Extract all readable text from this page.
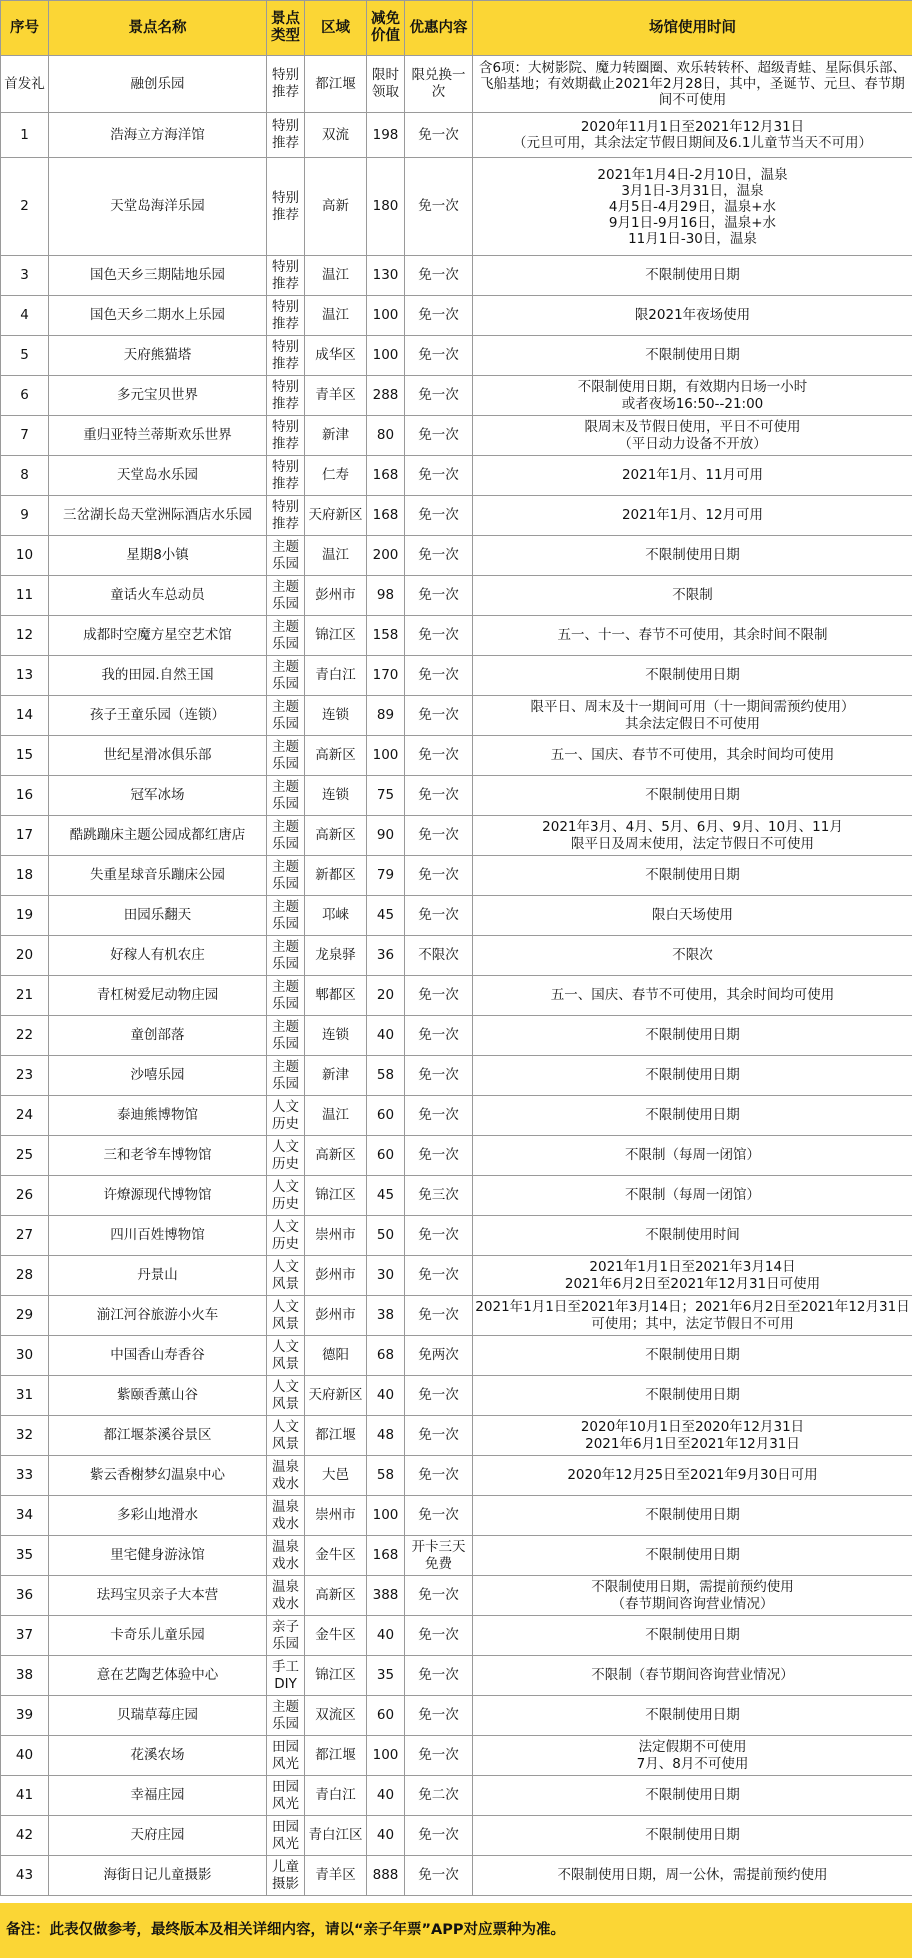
序号	景点名称	景点类型	区域	减免价值	优惠内容	场馆使用时间
首发礼	融创乐园	特别推荐	都江堰	限时领取	限兑换一次	含6项：大树影院、魔力转圈圈、欢乐转转杯、超级青蛙、星际俱乐部、飞船基地；有效期截止2021年2月28日，其中，圣诞节、元旦、春节期间不可使用
1	浩海立方海洋馆	特别推荐	双流	198	免一次	2020年11月1日至2021年12月31日
（元旦可用，其余法定节假日期间及6.1儿童节当天不可用）
2	天堂岛海洋乐园	特别推荐	高新	180	免一次	2021年1月4日-2月10日，温泉
3月1日-3月31日，温泉
4月5日-4月29日，温泉+水
9月1日-9月16日，温泉+水
11月1日-30日，温泉
3	国色天乡三期陆地乐园	特别推荐	温江	130	免一次	不限制使用日期
4	国色天乡二期水上乐园	特别推荐	温江	100	免一次	限2021年夜场使用
5	天府熊猫塔	特别推荐	成华区	100	免一次	不限制使用日期
6	多元宝贝世界	特别推荐	青羊区	288	免一次	不限制使用日期，有效期内日场一小时
或者夜场16:50--21:00
7	重归亚特兰蒂斯欢乐世界	特别推荐	新津	80	免一次	限周末及节假日使用，平日不可使用
（平日动力设备不开放）
8	天堂岛水乐园	特别推荐	仁寿	168	免一次	2021年1月、11月可用
9	三岔湖长岛天堂洲际酒店水乐园	特别推荐	天府新区	168	免一次	2021年1月、12月可用
10	星期8小镇	主题乐园	温江	200	免一次	不限制使用日期
11	童话火车总动员	主题乐园	彭州市	98	免一次	不限制
12	成都时空魔方星空艺术馆	主题乐园	锦江区	158	免一次	五一、十一、春节不可使用，其余时间不限制
13	我的田园.自然王国	主题乐园	青白江	170	免一次	不限制使用日期
14	孩子王童乐园（连锁）	主题乐园	连锁	89	免一次	限平日、周末及十一期间可用（十一期间需预约使用）
其余法定假日不可使用
15	世纪星滑冰俱乐部	主题乐园	高新区	100	免一次	五一、国庆、春节不可使用，其余时间均可使用
16	冠军冰场	主题乐园	连锁	75	免一次	不限制使用日期
17	酷跳蹦床主题公园成都红唐店	主题乐园	高新区	90	免一次	2021年3月、4月、5月、6月、9月、10月、11月
限平日及周末使用，法定节假日不可使用
18	失重星球音乐蹦床公园	主题乐园	新都区	79	免一次	不限制使用日期
19	田园乐翻天	主题乐园	邛崃	45	免一次	限白天场使用
20	好稼人有机农庄	主题乐园	龙泉驿	36	不限次	不限次
21	青杠树爱尼动物庄园	主题乐园	郫都区	20	免一次	五一、国庆、春节不可使用，其余时间均可使用
22	童创部落	主题乐园	连锁	40	免一次	不限制使用日期
23	沙嘻乐园	主题乐园	新津	58	免一次	不限制使用日期
24	泰迪熊博物馆	人文历史	温江	60	免一次	不限制使用日期
25	三和老爷车博物馆	人文历史	高新区	60	免一次	不限制（每周一闭馆）
26	许燎源现代博物馆	人文历史	锦江区	45	免三次	不限制（每周一闭馆）
27	四川百姓博物馆	人文历史	崇州市	50	免一次	不限制使用时间
28	丹景山	人文风景	彭州市	30	免一次	2021年1月1日至2021年3月14日
2021年6月2日至2021年12月31日可使用
29	湔江河谷旅游小火车	人文风景	彭州市	38	免一次	2021年1月1日至2021年3月14日；2021年6月2日至2021年12月31日可使用；其中，法定节假日不可用
30	中国香山寿香谷	人文风景	德阳	68	免两次	不限制使用日期
31	紫颐香薰山谷	人文风景	天府新区	40	免一次	不限制使用日期
32	都江堰茶溪谷景区	人文风景	都江堰	48	免一次	2020年10月1日至2020年12月31日
2021年6月1日至2021年12月31日
33	紫云香榭梦幻温泉中心	温泉戏水	大邑	58	免一次	2020年12月25日至2021年9月30日可用
34	多彩山地滑水	温泉戏水	崇州市	100	免一次	不限制使用日期
35	里宅健身游泳馆	温泉戏水	金牛区	168	开卡三天免费	不限制使用日期
36	珐玛宝贝亲子大本营	温泉戏水	高新区	388	免一次	不限制使用日期，需提前预约使用
（春节期间咨询营业情况）
37	卡奇乐儿童乐园	亲子乐园	金牛区	40	免一次	不限制使用日期
38	意在艺陶艺体验中心	手工DIY	锦江区	35	免一次	不限制（春节期间咨询营业情况）
39	贝瑞草莓庄园	主题乐园	双流区	60	免一次	不限制使用日期
40	花溪农场	田园风光	都江堰	100	免一次	法定假期不可使用
7月、8月不可使用
41	幸福庄园	田园风光	青白江	40	免二次	不限制使用日期
42	天府庄园	田园风光	青白江区	40	免一次	不限制使用日期
43	海街日记儿童摄影	儿童摄影	青羊区	888	免一次	不限制使用日期，周一公休，需提前预约使用
备注：此表仅做参考，最终版本及相关详细内容，请以“亲子年票”APP对应票种为准。
